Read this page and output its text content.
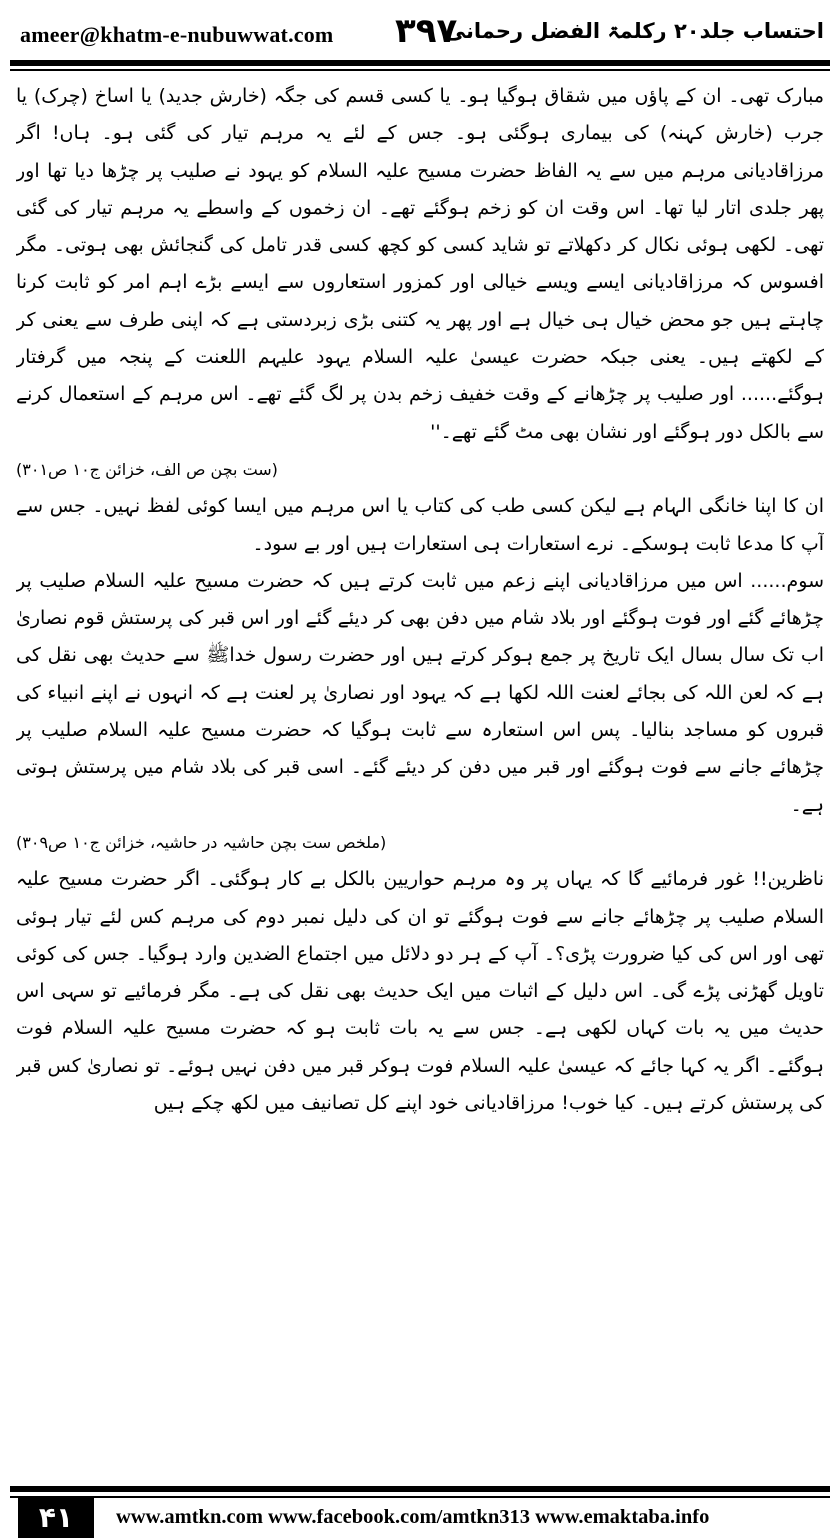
ameer@khatm-e-nubuwwat.com ۳۹۷
احتساب جلد۲۰ رکلمۃ الفضل رحمانی

مبارک تھی۔ ان کے پاؤں میں شقاق ہوگیا ہو۔ یا کسی قسم کی جگہ (خارش جدید) یا اساخ (چرک) یا جرب (خارش کہنہ) کی بیماری ہوگئی ہو۔ جس کے لئے یہ مرہم تیار کی گئی ہو۔ ہاں! اگر مرزاقادیانی مرہم میں سے یہ الفاظ حضرت مسیح علیہ السلام کو یہود نے صلیب پر چڑھا دیا تھا اور پھر جلدی اتار لیا تھا۔ اس وقت ان کو زخم ہوگئے تھے۔ ان زخموں کے واسطے یہ مرہم تیار کی گئی تھی۔ لکھی ہوئی نکال کر دکھلاتے تو شاید کسی کو کچھ کسی قدر تامل کی گنجائش بھی ہوتی۔ مگر افسوس کہ مرزاقادیانی ایسے ویسے خیالی اور کمزور استعاروں سے ایسے بڑے اہم امر کو ثابت کرنا چاہتے ہیں جو محض خیال ہی خیال ہے اور پھر یہ کتنی بڑی زبردستی ہے کہ اپنی طرف سے یعنی کر کے لکھتے ہیں۔ یعنی جبکہ حضرت عیسیٰ علیہ السلام یہود علیہم اللعنت کے پنجہ میں گرفتار ہوگئے...... اور صلیب پر چڑھانے کے وقت خفیف زخم بدن پر لگ گئے تھے۔ اس مرہم کے استعمال کرنے سے بالکل دور ہوگئے اور نشان بھی مٹ گئے تھے۔''
(ست بچن ص الف، خزائن ج۱۰ ص۳۰۱)

ان کا اپنا خانگی الہام ہے لیکن کسی طب کی کتاب یا اس مرہم میں ایسا کوئی لفظ نہیں۔ جس سے آپ کا مدعا ثابت ہوسکے۔ نرے استعارات ہی استعارات ہیں اور بے سود۔

سوم...... اس میں مرزاقادیانی اپنے زعم میں ثابت کرتے ہیں کہ حضرت مسیح علیہ السلام صلیب پر چڑھائے گئے اور فوت ہوگئے اور بلاد شام میں دفن بھی کر دیئے گئے اور اس قبر کی پرستش قوم نصاریٰ اب تک سال بسال ایک تاریخ پر جمع ہوکر کرتے ہیں اور حضرت رسول خداﷺ سے حدیث بھی نقل کی ہے کہ لعن اللہ کی بجائے لعنت اللہ لکھا ہے کہ یہود اور نصاریٰ پر لعنت ہے کہ انہوں نے اپنے انبیاء کی قبروں کو مساجد بنالیا۔ پس اس استعارہ سے ثابت ہوگیا کہ حضرت مسیح علیہ السلام صلیب پر چڑھائے جانے سے فوت ہوگئے اور قبر میں دفن کر دیئے گئے۔ اسی قبر کی بلاد شام میں پرستش ہوتی ہے۔
(ملخص ست بچن حاشیہ در حاشیہ، خزائن ج۱۰ ص۳۰۹)

ناظرین!! غور فرمائیے گا کہ یہاں پر وہ مرہم حواریین بالکل بے کار ہوگئی۔ اگر حضرت مسیح علیہ السلام صلیب پر چڑھائے جانے سے فوت ہوگئے تو ان کی دلیل نمبر دوم کی مرہم کس لئے تیار ہوئی تھی اور اس کی کیا ضرورت پڑی؟۔ آپ کے ہر دو دلائل میں اجتماع الضدین وارد ہوگیا۔ جس کی کوئی تاویل گھڑنی پڑے گی۔ اس دلیل کے اثبات میں ایک حدیث بھی نقل کی ہے۔ مگر فرمائیے تو سہی اس حدیث میں یہ بات کہاں لکھی ہے۔ جس سے یہ بات ثابت ہو کہ حضرت مسیح علیہ السلام فوت ہوگئے۔ اگر یہ کہا جائے کہ عیسیٰ علیہ السلام فوت ہوکر قبر میں دفن نہیں ہوئے۔ تو نصاریٰ کس قبر کی پرستش کرتے ہیں۔ کیا خوب! مرزاقادیانی خود اپنے کل تصانیف میں لکھ چکے ہیں

۴۱	www.amtkn.com www.facebook.com/amtkn313 www.emaktaba.info
